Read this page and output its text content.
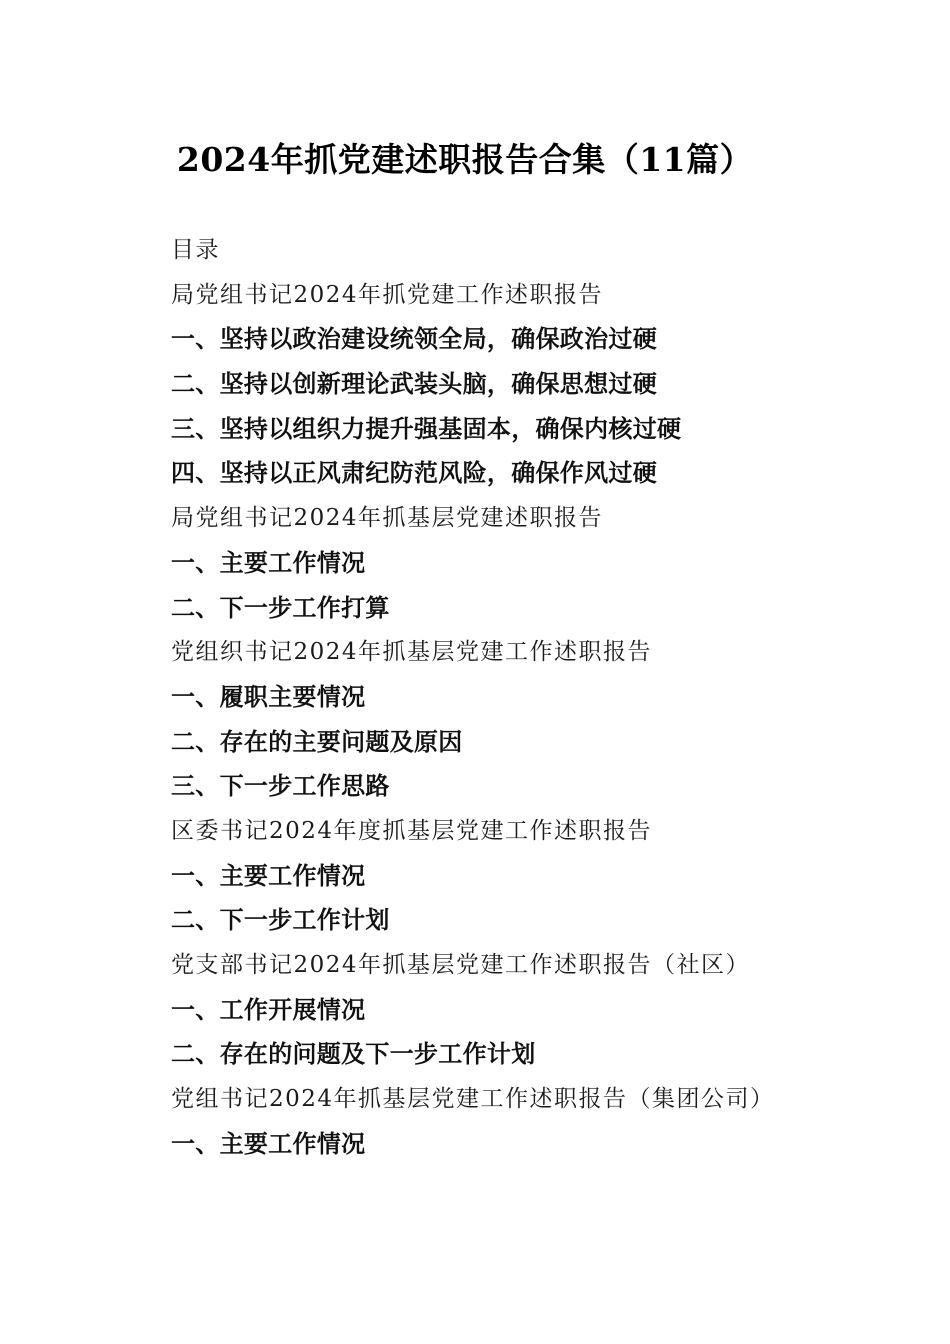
2024年抓党建述职报告合集（11篇）
目录
局党组书记2024年抓党建工作述职报告
一、坚持以政治建设统领全局，确保政治过硬
二、坚持以创新理论武装头脑，确保思想过硬
三、坚持以组织力提升强基固本，确保内核过硬
四、坚持以正风肃纪防范风险，确保作风过硬
局党组书记2024年抓基层党建述职报告
一、主要工作情况
二、下一步工作打算
党组织书记2024年抓基层党建工作述职报告
一、履职主要情况
二、存在的主要问题及原因
三、下一步工作思路
区委书记2024年度抓基层党建工作述职报告
一、主要工作情况
二、下一步工作计划
党支部书记2024年抓基层党建工作述职报告（社区）
一、工作开展情况
二、存在的问题及下一步工作计划
党组书记2024年抓基层党建工作述职报告（集团公司）
一、主要工作情况
